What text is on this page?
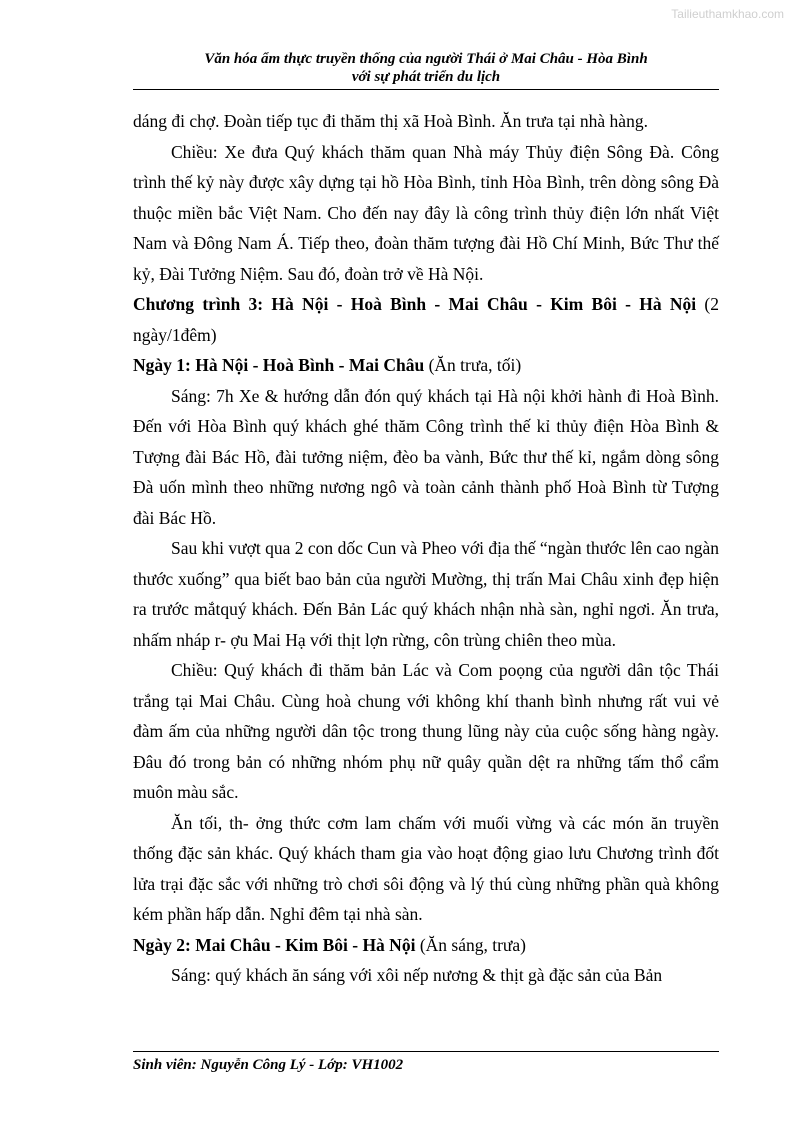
Tailieuthamkhao.com
Văn hóa ẩm thực truyền thống của người Thái ở Mai Châu - Hòa Bình
với sự phát triển du lịch

dáng đi chợ. Đoàn tiếp tục đi thăm thị xã Hoà Bình. Ăn trưa tại nhà hàng.

Chiều: Xe đưa Quý khách thăm quan Nhà máy Thủy điện Sông Đà. Công trình thế kỷ này được xây dựng tại hồ Hòa Bình, tỉnh Hòa Bình, trên dòng sông Đà thuộc miền bắc Việt Nam. Cho đến nay đây là công trình thủy điện lớn nhất Việt Nam và Đông Nam Á. Tiếp theo, đoàn thăm tượng đài Hồ Chí Minh, Bức Thư thế kỷ, Đài Tưởng Niệm. Sau đó, đoàn trở về Hà Nội.

Chương trình 3: Hà Nội - Hoà Bình - Mai Châu - Kim Bôi - Hà Nội (2 ngày/1đêm)

Ngày 1: Hà Nội - Hoà Bình - Mai Châu (Ăn trưa, tối)

Sáng: 7h Xe & hướng dẫn đón quý khách tại Hà nội khởi hành đi Hoà Bình. Đến với Hòa Bình quý khách ghé thăm Công trình thế kỉ thủy điện Hòa Bình & Tượng đài Bác Hồ, đài tưởng niệm, đèo ba vành, Bức thư thế kỉ, ngắm dòng sông Đà uốn mình theo những nương ngô và toàn cảnh thành phố Hoà Bình từ Tượng đài Bác Hồ.

Sau khi vượt qua 2 con dốc Cun và Pheo với địa thế “ngàn thước lên cao ngàn thước xuống” qua biết bao bản của người Mường, thị trấn Mai Châu xinh đẹp hiện ra trước mắtquý khách. Đến Bản Lác quý khách nhận nhà sàn, nghỉ ngơi. Ăn trưa, nhấm nháp r- ợu Mai Hạ với thịt lợn rừng, côn trùng chiên theo mùa.

Chiều: Quý khách đi thăm bản Lác và Com poọng của người dân tộc Thái trắng tại Mai Châu. Cùng hoà chung với không khí thanh bình nhưng rất vui vẻ đàm ấm của những người dân tộc trong thung lũng này của cuộc sống hàng ngày. Đâu đó trong bản có những nhóm phụ nữ quây quần dệt ra những tấm thổ cẩm muôn màu sắc.

Ăn tối, th- ởng thức cơm lam chấm với muối vừng và các món ăn truyền thống đặc sản khác. Quý khách tham gia vào hoạt động giao lưu Chương trình đốt lửa trại đặc sắc với những trò chơi sôi động và lý thú cùng những phần quà không kém phần hấp dẫn. Nghỉ đêm tại nhà sàn.

Ngày 2: Mai Châu - Kim Bôi - Hà Nội (Ăn sáng, trưa)

Sáng: quý khách ăn sáng với xôi nếp nương & thịt gà đặc sản của Bản

Sinh viên: Nguyễn Công Lý - Lớp: VH1002
